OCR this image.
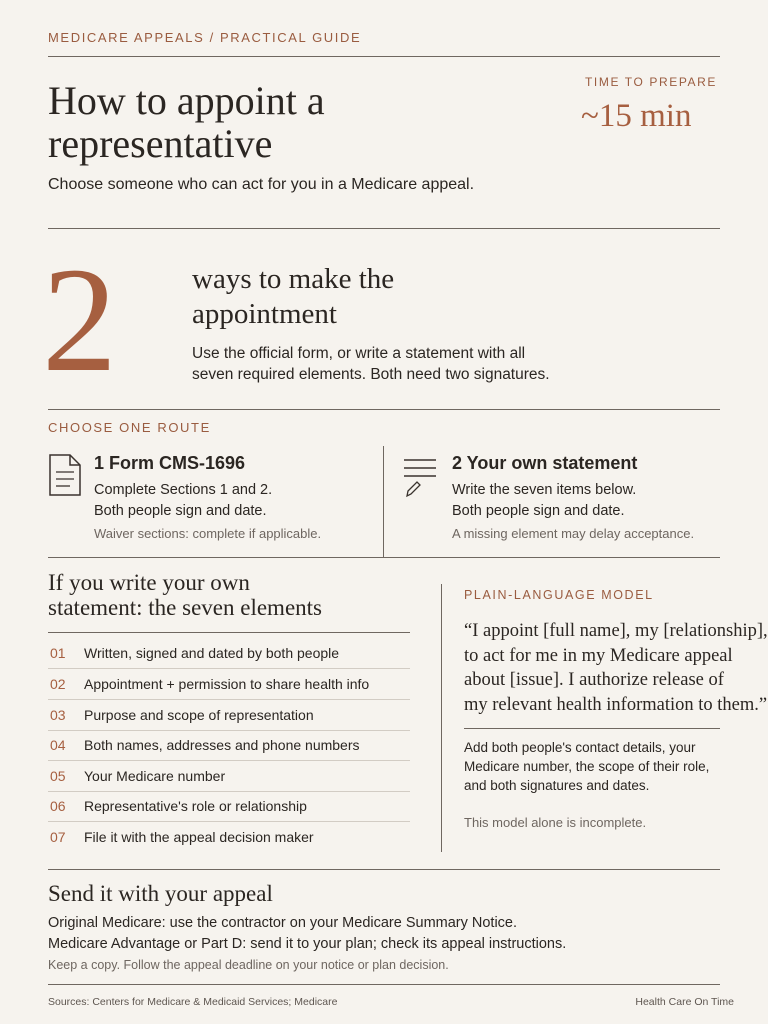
MEDICARE APPEALS / PRACTICAL GUIDE
How to appoint a
representative
Choose someone who can act for you in a Medicare appeal.
TIME TO PREPARE
~15 min
2	ways to make the
appointment
Use the official form, or write a statement with all
seven required elements. Both need two signatures.
CHOOSE ONE ROUTE
1 Form CMS-1696
Complete Sections 1 and 2.
Both people sign and date.
Waiver sections: complete if applicable.
2 Your own statement
Write the seven items below.
Both people sign and date.
A missing element may delay acceptance.
If you write your own
statement: the seven elements
01	Written, signed and dated by both people
02	Appointment + permission to share health info
03	Purpose and scope of representation
04	Both names, addresses and phone numbers
05	Your Medicare number
06	Representative's role or relationship
07	File it with the appeal decision maker
PLAIN-LANGUAGE MODEL
“I appoint [full name], my [relationship],
to act for me in my Medicare appeal
about [issue]. I authorize release of
my relevant health information to them.”
Add both people's contact details, your
Medicare number, the scope of their role,
and both signatures and dates.
This model alone is incomplete.
Send it with your appeal
Original Medicare: use the contractor on your Medicare Summary Notice.
Medicare Advantage or Part D: send it to your plan; check its appeal instructions.
Keep a copy. Follow the appeal deadline on your notice or plan decision.
Sources: Centers for Medicare & Medicaid Services; Medicare	Health Care On Time
